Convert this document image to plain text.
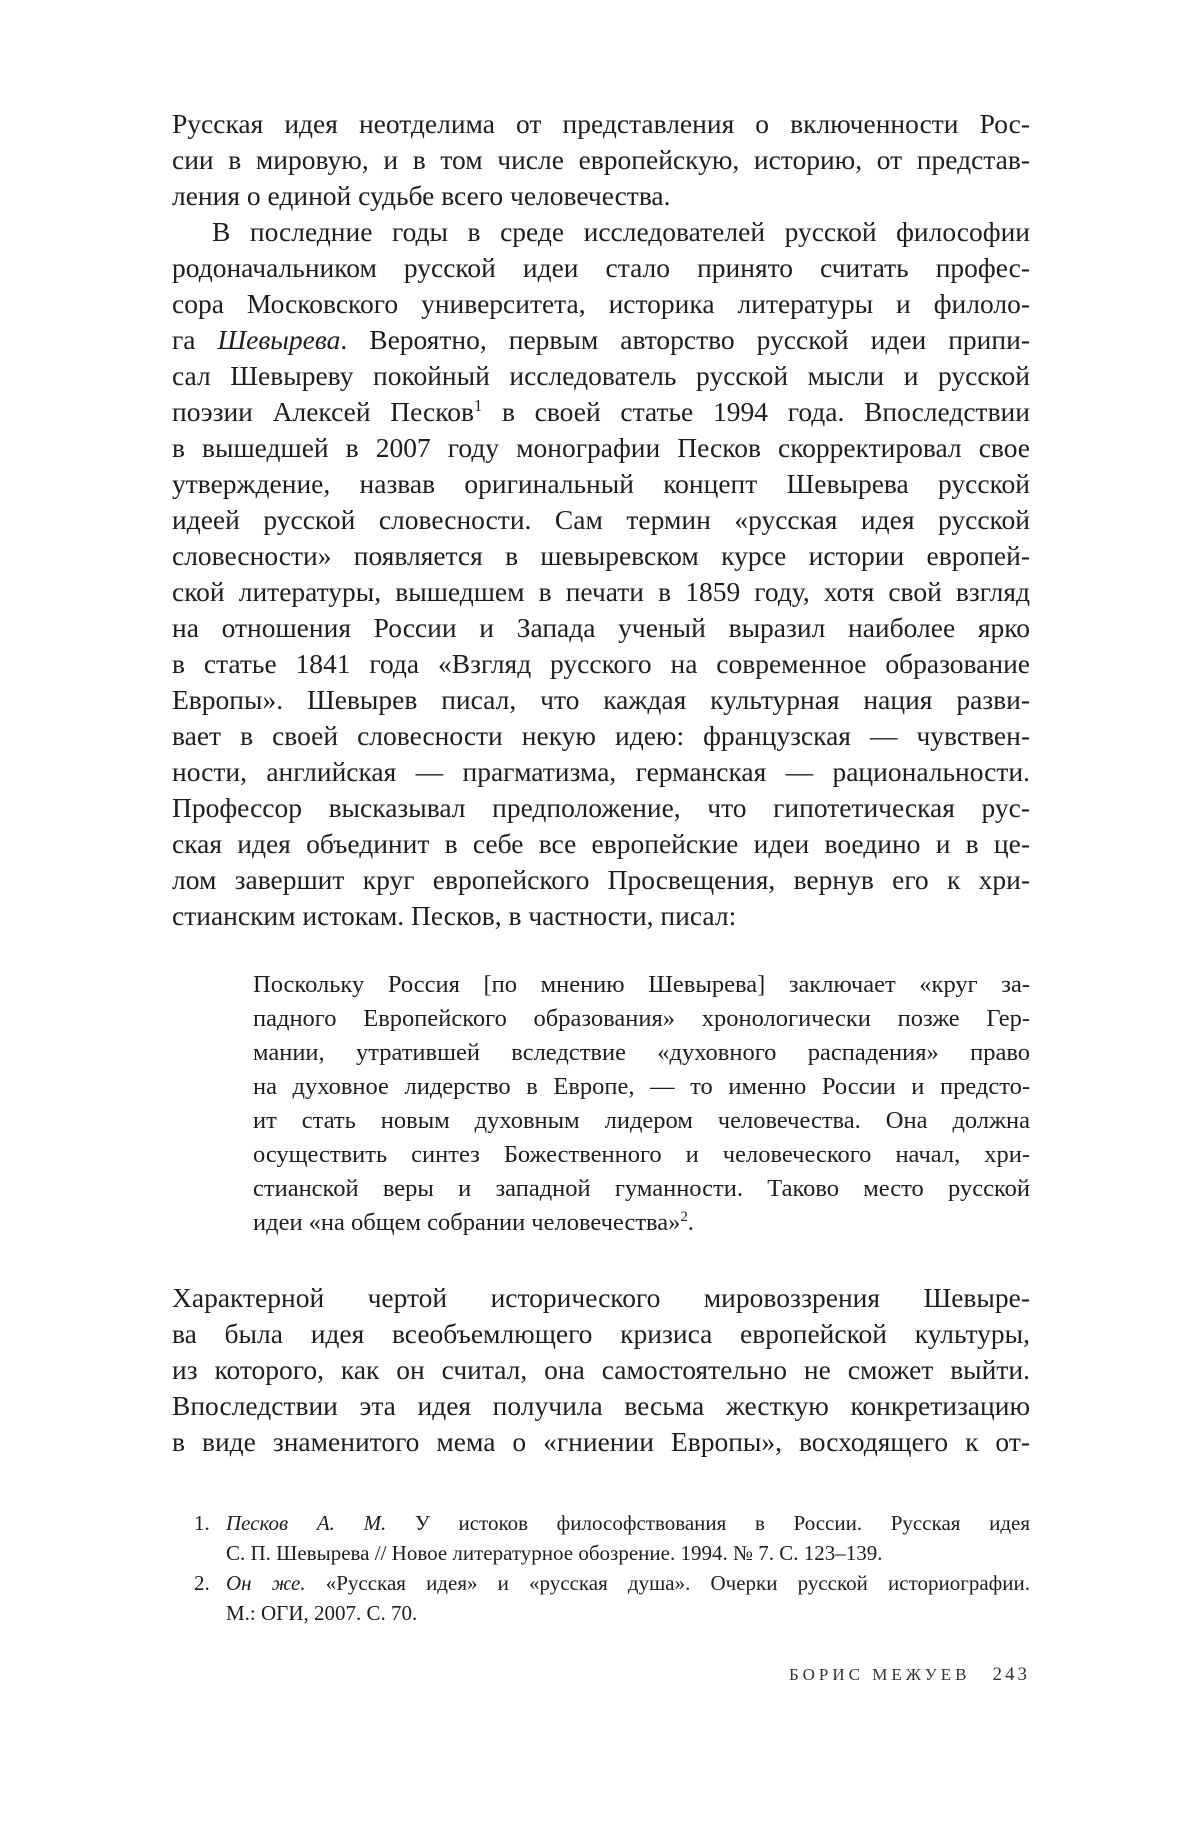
Русская идея неотделима от представления о включенности Рос-
сии в мировую, и в том числе европейскую, историю, от представ-
ления о единой судьбе всего человечества.
В последние годы в среде исследователей русской философии
родоначальником русской идеи стало принято считать профес-
сора Московского университета, историка литературы и филоло-
га Шевырева. Вероятно, первым авторство русской идеи припи-
сал Шевыреву покойный исследователь русской мысли и русской
поэзии Алексей Песков$^1$ в своей статье 1994 года. Впоследствии
в вышедшей в 2007 году монографии Песков скорректировал свое
утверждение, назвав оригинальный концепт Шевырева русской
идеей русской словесности. Сам термин «русская идея русской
словесности» появляется в шевыревском курсе истории европей-
ской литературы, вышедшем в печати в 1859 году, хотя свой взгляд
на отношения России и Запада ученый выразил наиболее ярко
в статье 1841 года «Взгляд русского на современное образование
Европы». Шевырев писал, что каждая культурная нация разви-
вает в своей словесности некую идею: французская — чувствен-
ности, английская — прагматизма, германская — рациональности.
Профессор высказывал предположение, что гипотетическая рус-
ская идея объединит в себе все европейские идеи воедино и в це-
лом завершит круг европейского Просвещения, вернув его к хри-
стианским истокам. Песков, в частности, писал:
Поскольку Россия [по мнению Шевырева] заключает «круг за-
падного Европейского образования» хронологически позже Гер-
мании, утратившей вследствие «духовного распадения» право
на духовное лидерство в Европе, — то именно России и предсто-
ит стать новым духовным лидером человечества. Она должна
осуществить синтез Божественного и человеческого начал, хри-
стианской веры и западной гуманности. Таково место русской
идеи «на общем собрании человечества»$^2$.
Характерной чертой исторического мировоззрения Шевыре-
ва была идея всеобъемлющего кризиса европейской культуры,
из которого, как он считал, она самостоятельно не сможет выйти.
Впоследствии эта идея получила весьма жесткую конкретизацию
в виде знаменитого мема о «гниении Европы», восходящего к от-
1. Песков А. М. У истоков философствования в России. Русская идея
С. П. Шевырева // Новое литературное обозрение. 1994. № 7. С. 123–139.
2. Он же. «Русская идея» и «русская душа». Очерки русской историографии.
М.: ОГИ, 2007. С. 70.
БОРИС МЕЖУЕВ 243
